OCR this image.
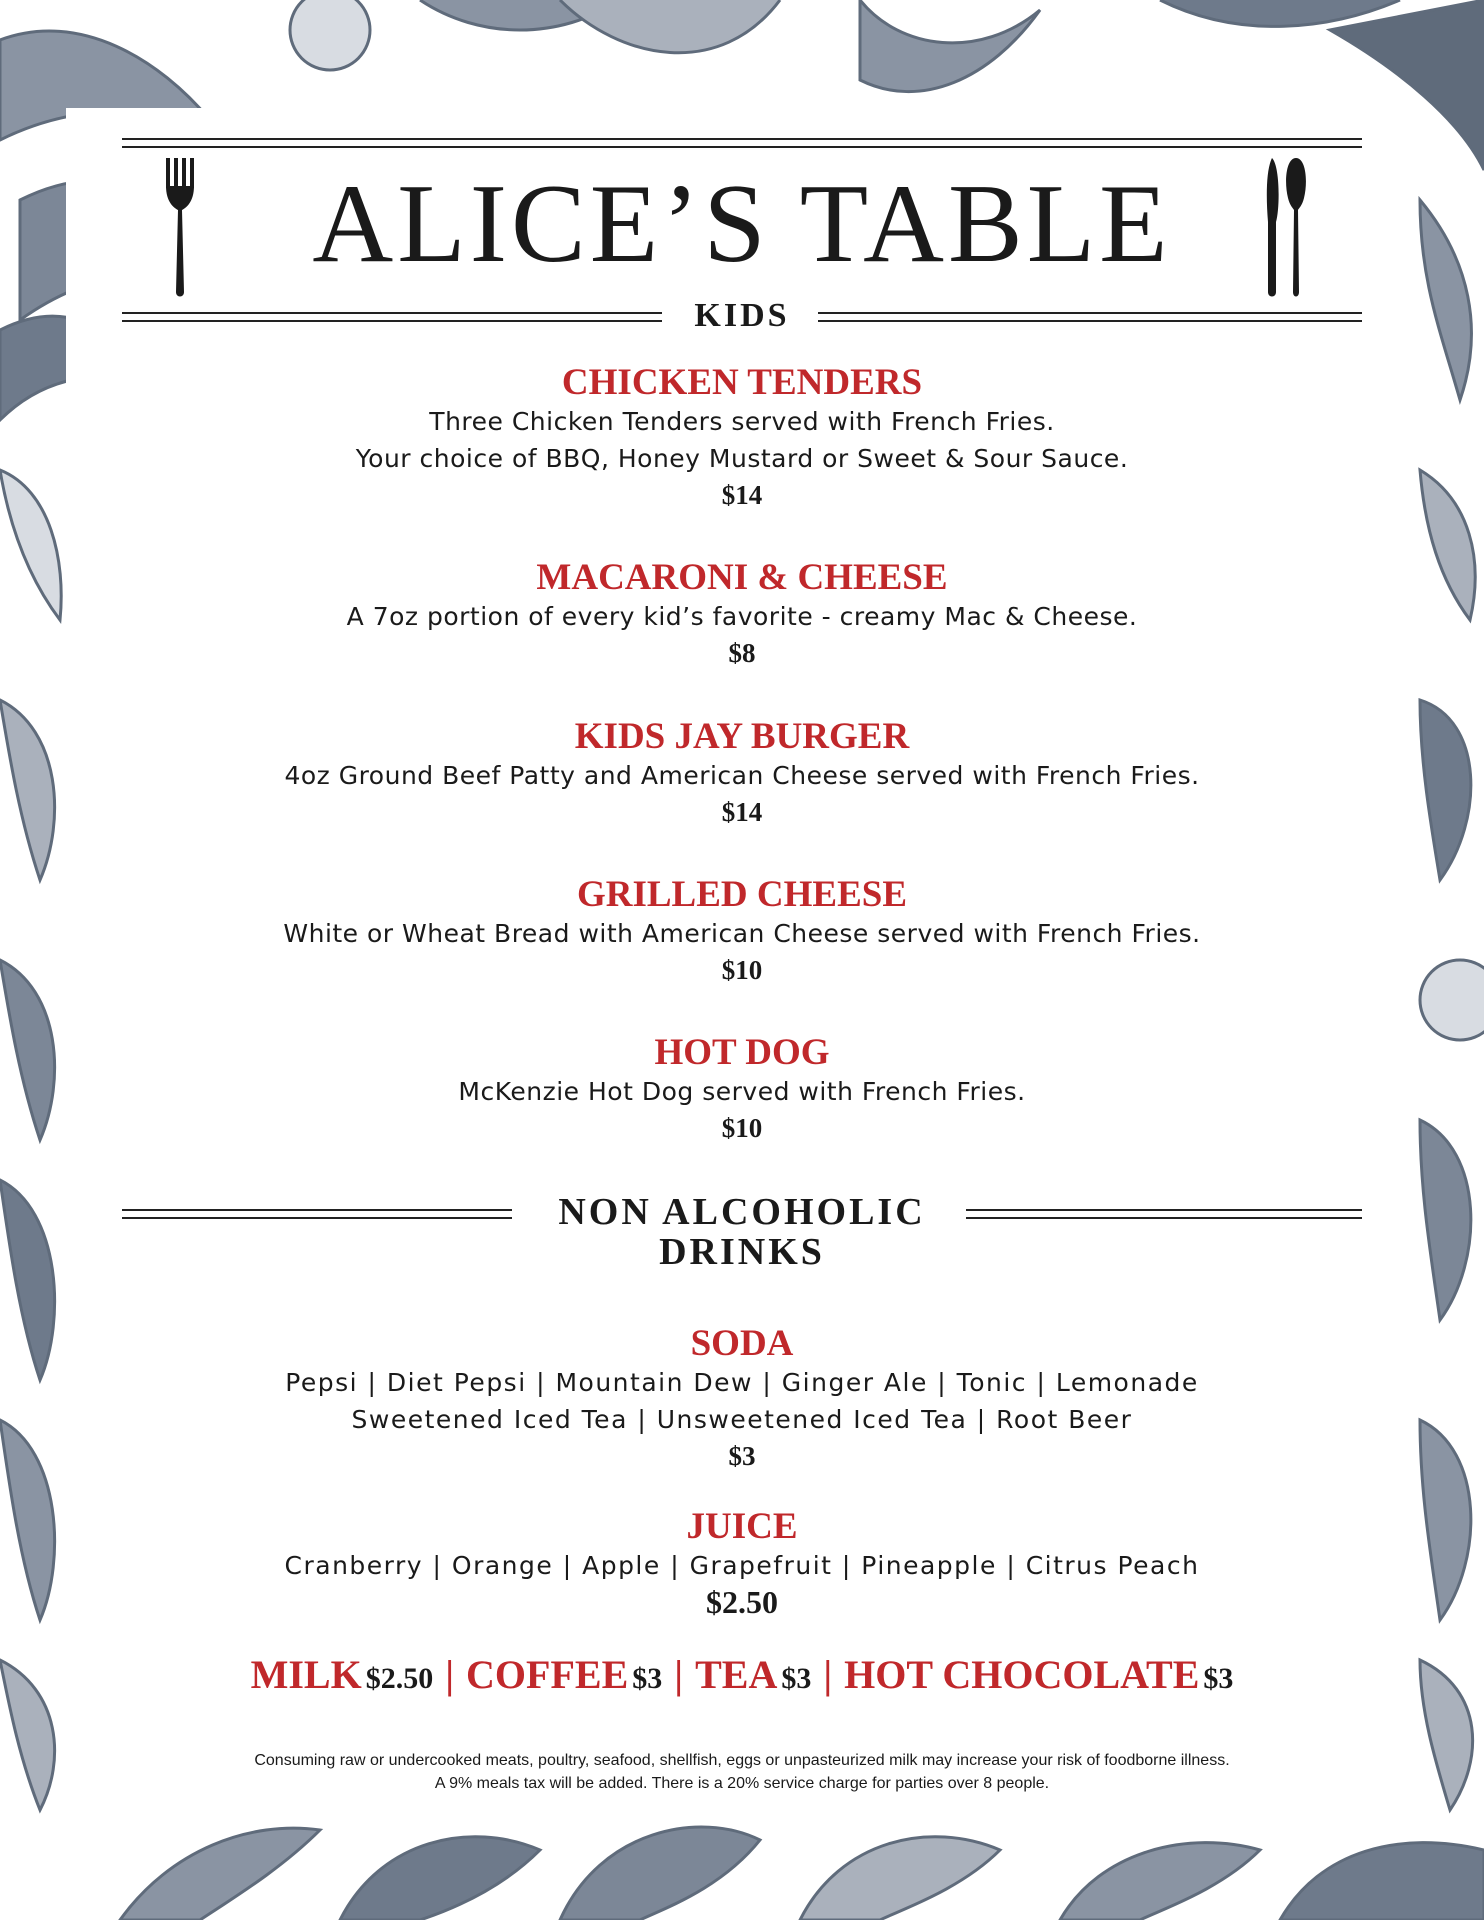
ALICE’S TABLE
KIDS
CHICKEN TENDERS
Three Chicken Tenders served with French Fries.
Your choice of BBQ, Honey Mustard or Sweet & Sour Sauce.
$14
MACARONI & CHEESE
A 7oz portion of every kid’s favorite - creamy Mac & Cheese.
$8
KIDS JAY BURGER
4oz Ground Beef Patty and American Cheese served with French Fries.
$14
GRILLED CHEESE
White or Wheat Bread with American Cheese served with French Fries.
$10
HOT DOG
McKenzie Hot Dog served with French Fries.
$10
NON ALCOHOLIC
DRINKS
SODA
Pepsi | Diet Pepsi | Mountain Dew | Ginger Ale | Tonic | Lemonade
Sweetened Iced Tea | Unsweetened Iced Tea | Root Beer
$3
JUICE
Cranberry | Orange | Apple | Grapefruit | Pineapple | Citrus Peach
$2.50
MILK $2.50 | COFFEE $3 | TEA $3 | HOT CHOCOLATE $3
Consuming raw or undercooked meats, poultry, seafood, shellfish, eggs or unpasteurized milk may increase your risk of foodborne illness.
A 9% meals tax will be added. There is a 20% service charge for parties over 8 people.
